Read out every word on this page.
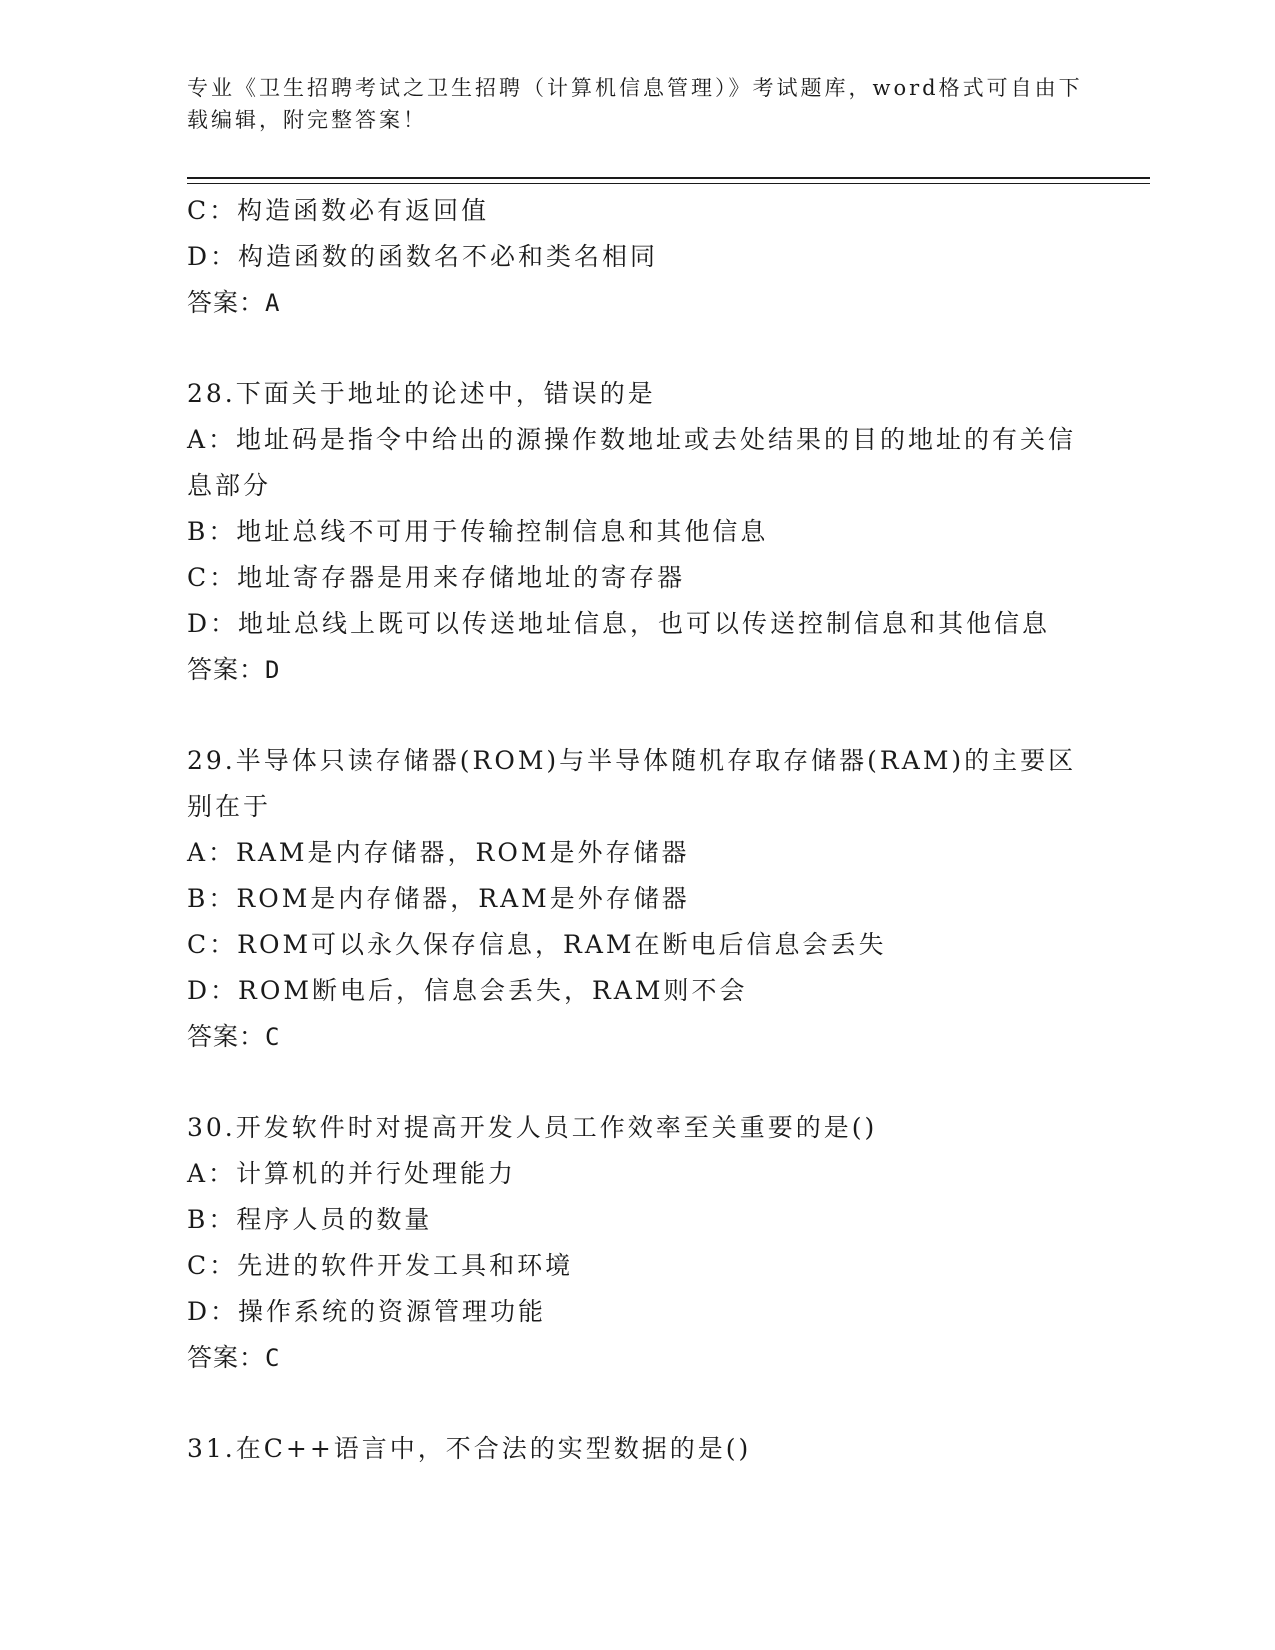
专业《卫生招聘考试之卫生招聘（计算机信息管理）》考试题库，word格式可自由下载编辑，附完整答案！
C：构造函数必有返回值
D：构造函数的函数名不必和类名相同
答案：A
28.下面关于地址的论述中，错误的是
A：地址码是指令中给出的源操作数地址或去处结果的目的地址的有关信息部分
B：地址总线不可用于传输控制信息和其他信息
C：地址寄存器是用来存储地址的寄存器
D：地址总线上既可以传送地址信息，也可以传送控制信息和其他信息
答案：D
29.半导体只读存储器(ROM)与半导体随机存取存储器(RAM)的主要区别在于
A：RAM是内存储器，ROM是外存储器
B：ROM是内存储器，RAM是外存储器
C：ROM可以永久保存信息，RAM在断电后信息会丢失
D：ROM断电后，信息会丢失，RAM则不会
答案：C
30.开发软件时对提高开发人员工作效率至关重要的是()
A：计算机的并行处理能力
B：程序人员的数量
C：先进的软件开发工具和环境
D：操作系统的资源管理功能
答案：C
31.在C++语言中，不合法的实型数据的是()
